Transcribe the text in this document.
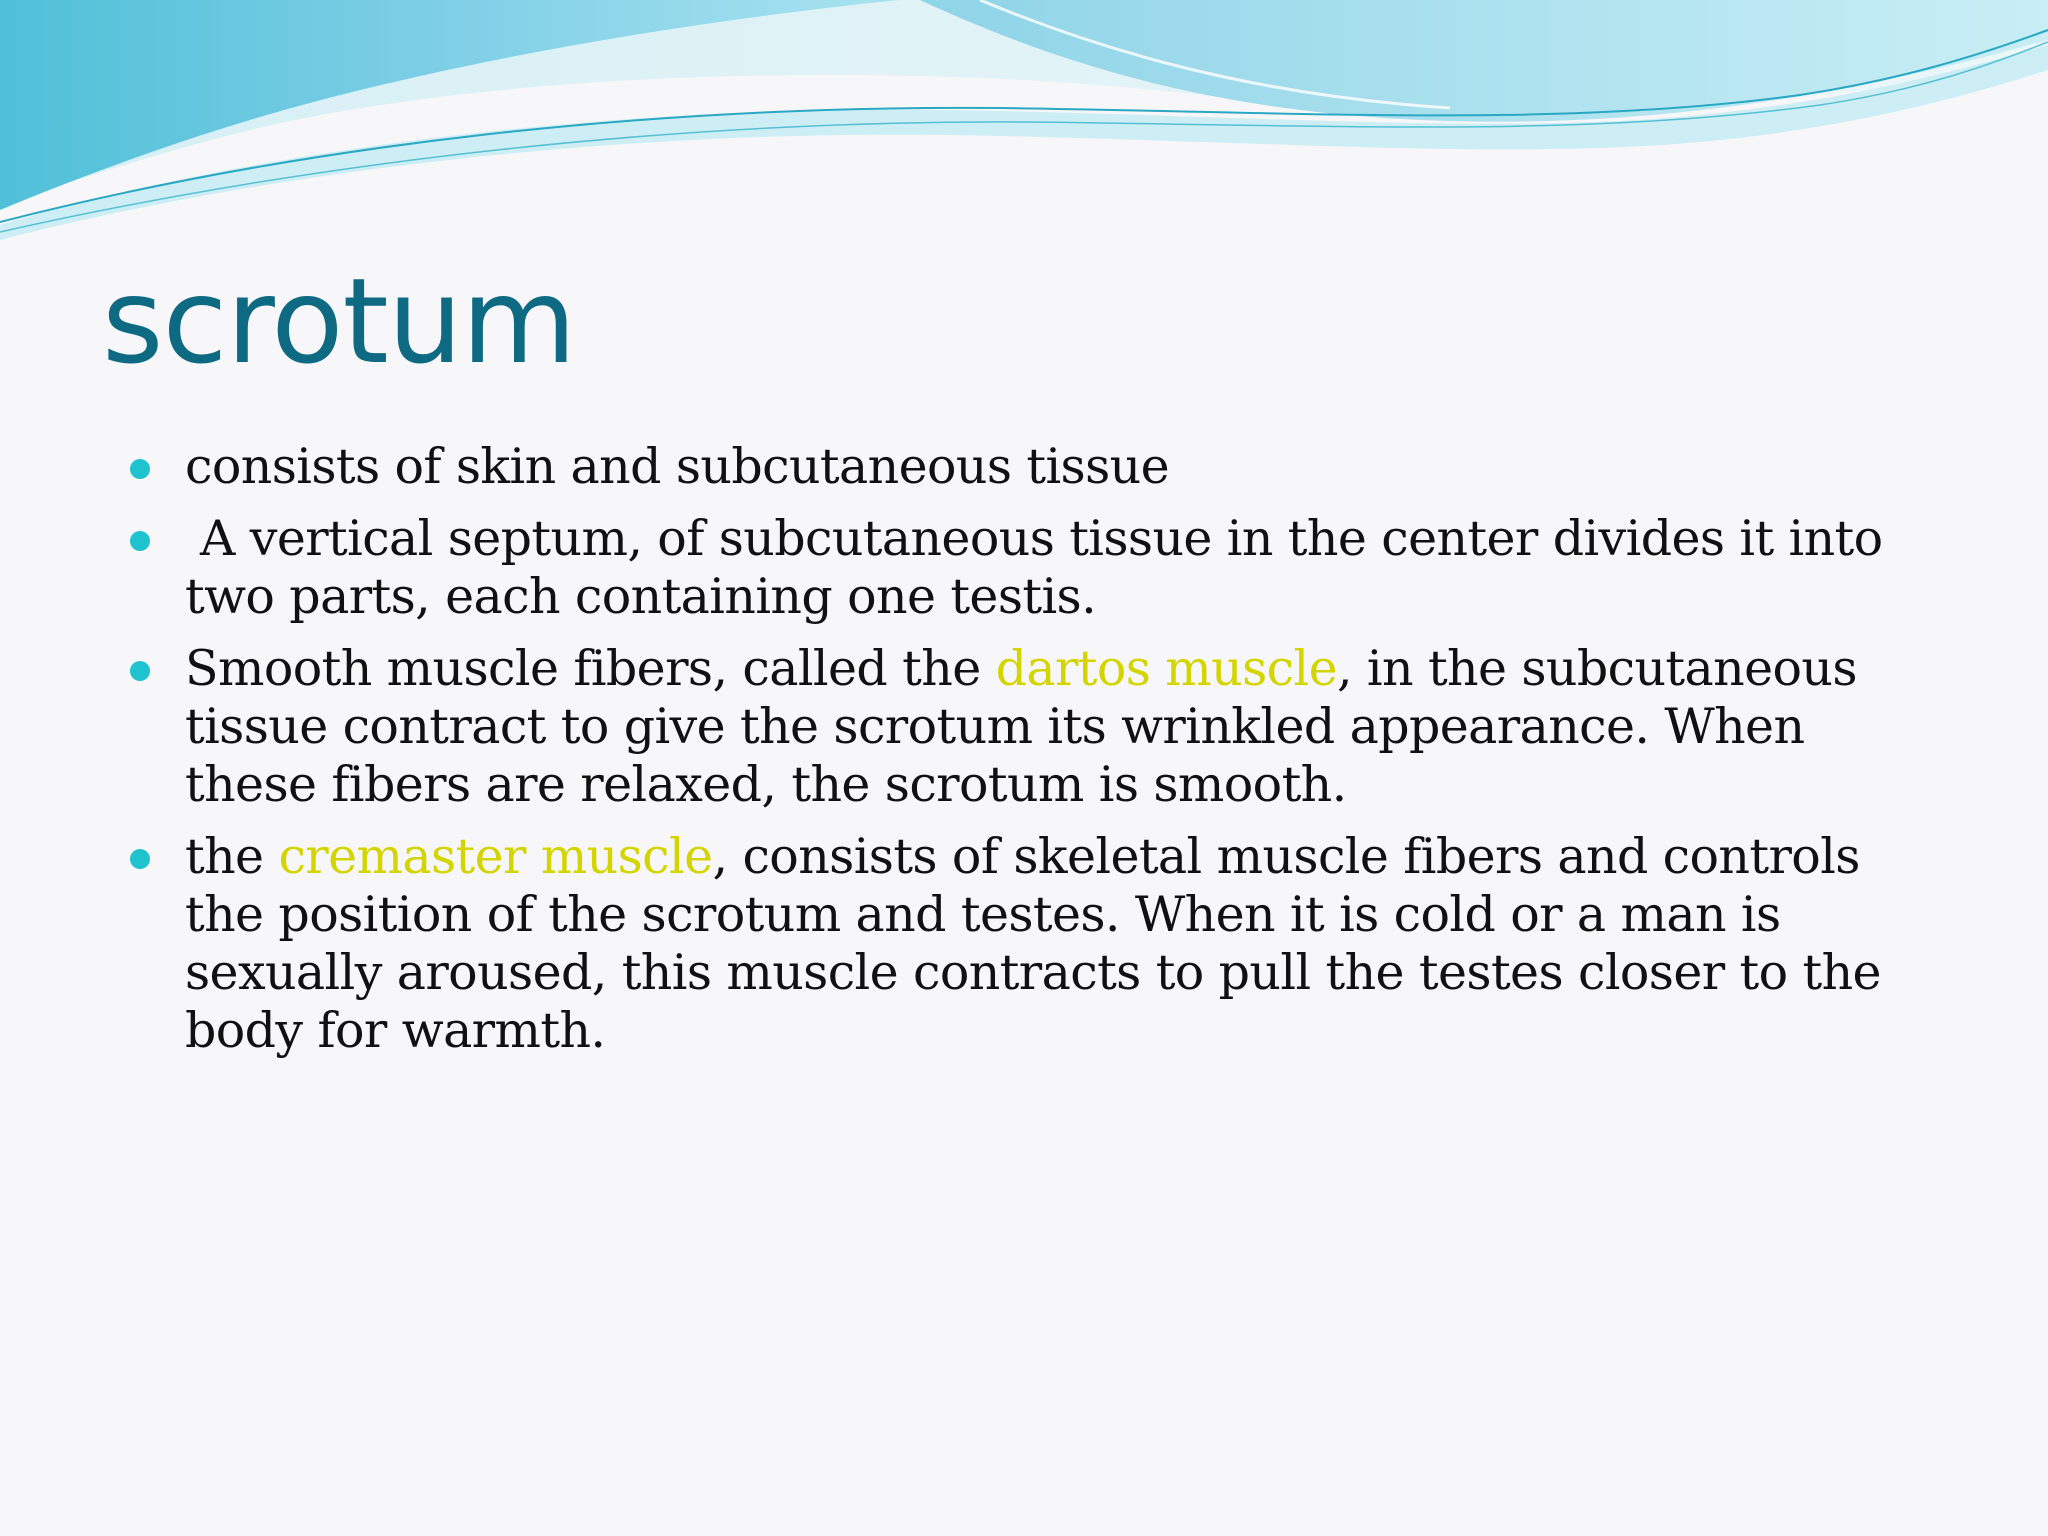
scrotum
consists of skin and subcutaneous tissue
A vertical septum, of subcutaneous tissue in the center divides it into two parts, each containing one testis.
Smooth muscle fibers, called the dartos muscle, in the subcutaneous tissue contract to give the scrotum its wrinkled appearance. When these fibers are relaxed, the scrotum is smooth.
the cremaster muscle, consists of skeletal muscle fibers and controls the position of the scrotum and testes. When it is cold or a man is sexually aroused, this muscle contracts to pull the testes closer to the body for warmth.
